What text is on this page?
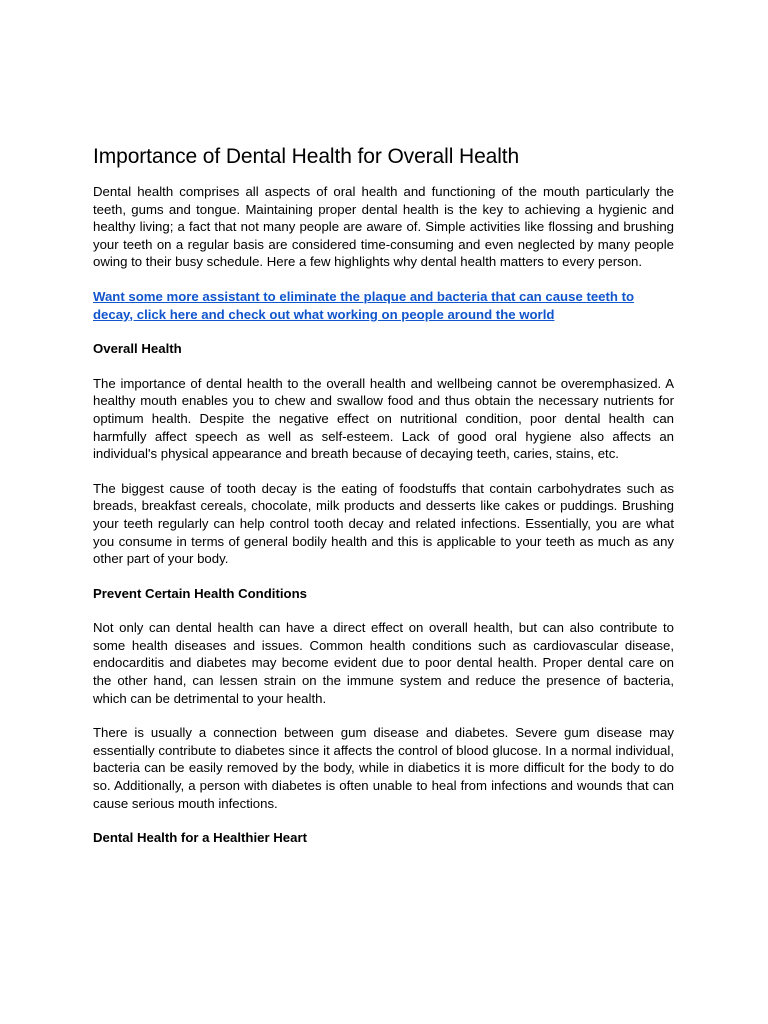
Importance of Dental Health for Overall Health

Dental health comprises all aspects of oral health and functioning of the mouth particularly the teeth, gums and tongue. Maintaining proper dental health is the key to achieving a hygienic and healthy living; a fact that not many people are aware of. Simple activities like flossing and brushing your teeth on a regular basis are considered time-consuming and even neglected by many people owing to their busy schedule. Here a few highlights why dental health matters to every person.

Want some more assistant to eliminate the plaque and bacteria that can cause teeth to decay, click here and check out what working on people around the world
Overall Health

The importance of dental health to the overall health and wellbeing cannot be overemphasized. A healthy mouth enables you to chew and swallow food and thus obtain the necessary nutrients for optimum health. Despite the negative effect on nutritional condition, poor dental health can harmfully affect speech as well as self-esteem. Lack of good oral hygiene also affects an individual's physical appearance and breath because of decaying teeth, caries, stains, etc.

The biggest cause of tooth decay is the eating of foodstuffs that contain carbohydrates such as breads, breakfast cereals, chocolate, milk products and desserts like cakes or puddings. Brushing your teeth regularly can help control tooth decay and related infections. Essentially, you are what you consume in terms of general bodily health and this is applicable to your teeth as much as any other part of your body.

Prevent Certain Health Conditions

Not only can dental health can have a direct effect on overall health, but can also contribute to some health diseases and issues. Common health conditions such as cardiovascular disease, endocarditis and diabetes may become evident due to poor dental health. Proper dental care on the other hand, can lessen strain on the immune system and reduce the presence of bacteria, which can be detrimental to your health.

There is usually a connection between gum disease and diabetes. Severe gum disease may essentially contribute to diabetes since it affects the control of blood glucose. In a normal individual, bacteria can be easily removed by the body, while in diabetics it is more difficult for the body to do so. Additionally, a person with diabetes is often unable to heal from infections and wounds that can cause serious mouth infections.

Dental Health for a Healthier Heart
